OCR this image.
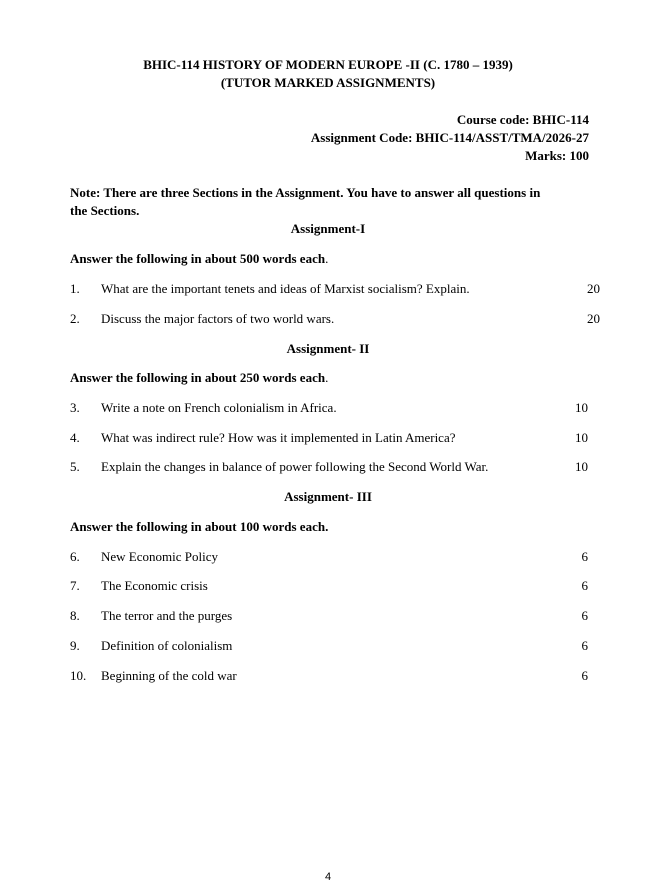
BHIC-114 HISTORY OF MODERN EUROPE -II (C. 1780 – 1939)
(TUTOR MARKED ASSIGNMENTS)
Course code: BHIC-114
Assignment Code: BHIC-114/ASST/TMA/2026-27
Marks: 100
Note: There are three Sections in the Assignment. You have to answer all questions in
the Sections.
Assignment-I
Answer the following in about 500 words each.
1. What are the important tenets and ideas of Marxist socialism? Explain.	20
2. Discuss the major factors of two world wars.	20
Assignment- II
Answer the following in about 250 words each.
3. Write a note on French colonialism in Africa.	10
4. What was indirect rule? How was it implemented in Latin America?	10
5. Explain the changes in balance of power following the Second World War.	10
Assignment- III
Answer the following in about 100 words each.
6. New Economic Policy	6
7. The Economic crisis	6
8. The terror and the purges	6
9. Definition of colonialism	6
10. Beginning of the cold war	6
4
